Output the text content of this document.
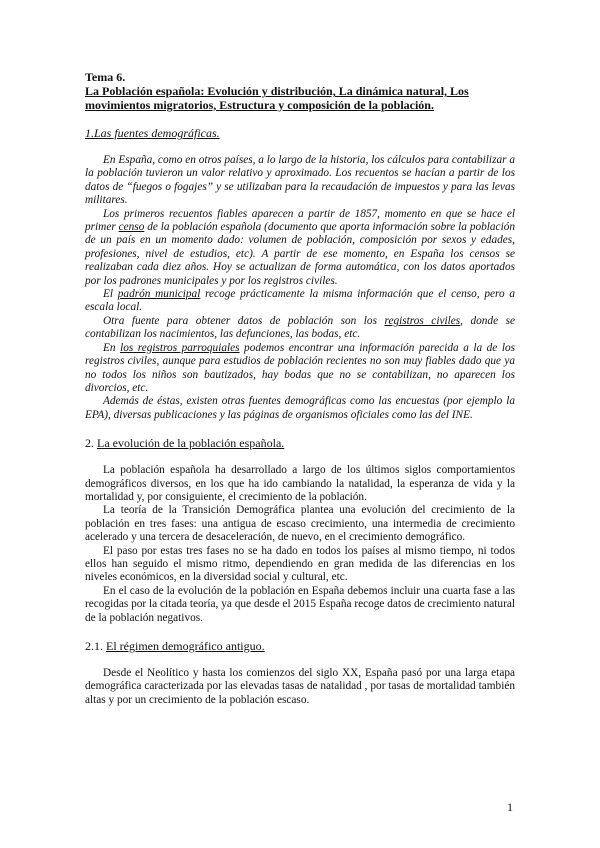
Tema 6.
La Población española: Evolución y distribución, La dinámica natural, Los movimientos migratorios, Estructura y composición de la población.
1.Las fuentes demográficas.

En España, como en otros países, a lo largo de la historia, los cálculos para contabilizar a la población tuvieron un valor relativo y aproximado. Los recuentos se hacían a partir de los datos de “fuegos o fogajes” y se utilizaban para la recaudación de impuestos y para las levas militares.

Los primeros recuentos fiables aparecen a partir de 1857, momento en que se hace el primer censo de la población española (documento que aporta información sobre la población de un país en un momento dado: volumen de población, composición por sexos y edades, profesiones, nivel de estudios, etc). A partir de ese momento, en España los censos se realizaban cada diez años. Hoy se actualizan de forma automática, con los datos aportados por los padrones municipales y por los registros civiles.

El padrón municipal recoge prácticamente la misma información que el censo, pero a escala local.

Otra fuente para obtener datos de población son los registros civiles, donde se contabilizan los nacimientos, las defunciones, las bodas, etc.

En los registros parroquiales podemos encontrar una información parecida a la de los registros civiles, aunque para estudios de población recientes no son muy fiables dado que ya no todos los niños son bautizados, hay bodas que no se contabilizan, no aparecen los divorcios, etc.

Además de éstas, existen otras fuentes demográficas como las encuestas (por ejemplo la EPA), diversas publicaciones y las páginas de organismos oficiales como las del INE.

2. La evolución de la población española.

La población española ha desarrollado a largo de los últimos siglos comportamientos demográficos diversos, en los que ha ido cambiando la natalidad, la esperanza de vida y la mortalidad y, por consiguiente, el crecimiento de la población.

La teoría de la Transición Demográfica plantea una evolución del crecimiento de la población en tres fases: una antigua de escaso crecimiento, una intermedia de crecimiento acelerado y una tercera de desaceleración, de nuevo, en el crecimiento demográfico.

El paso por estas tres fases no se ha dado en todos los países al mismo tiempo, ni todos ellos han seguido el mismo ritmo, dependiendo en gran medida de las diferencias en los niveles económicos, en la diversidad social y cultural, etc.

En el caso de la evolución de la población en España debemos incluir una cuarta fase a las recogidas por la citada teoría, ya que desde el 2015 España recoge datos de crecimiento natural de la población negativos.

2.1. El régimen demográfico antiguo.

Desde el Neolítico y hasta los comienzos del siglo XX, España pasó por una larga etapa demográfica caracterizada por las elevadas tasas de natalidad , por tasas de mortalidad también altas y por un crecimiento de la población escaso.

1
